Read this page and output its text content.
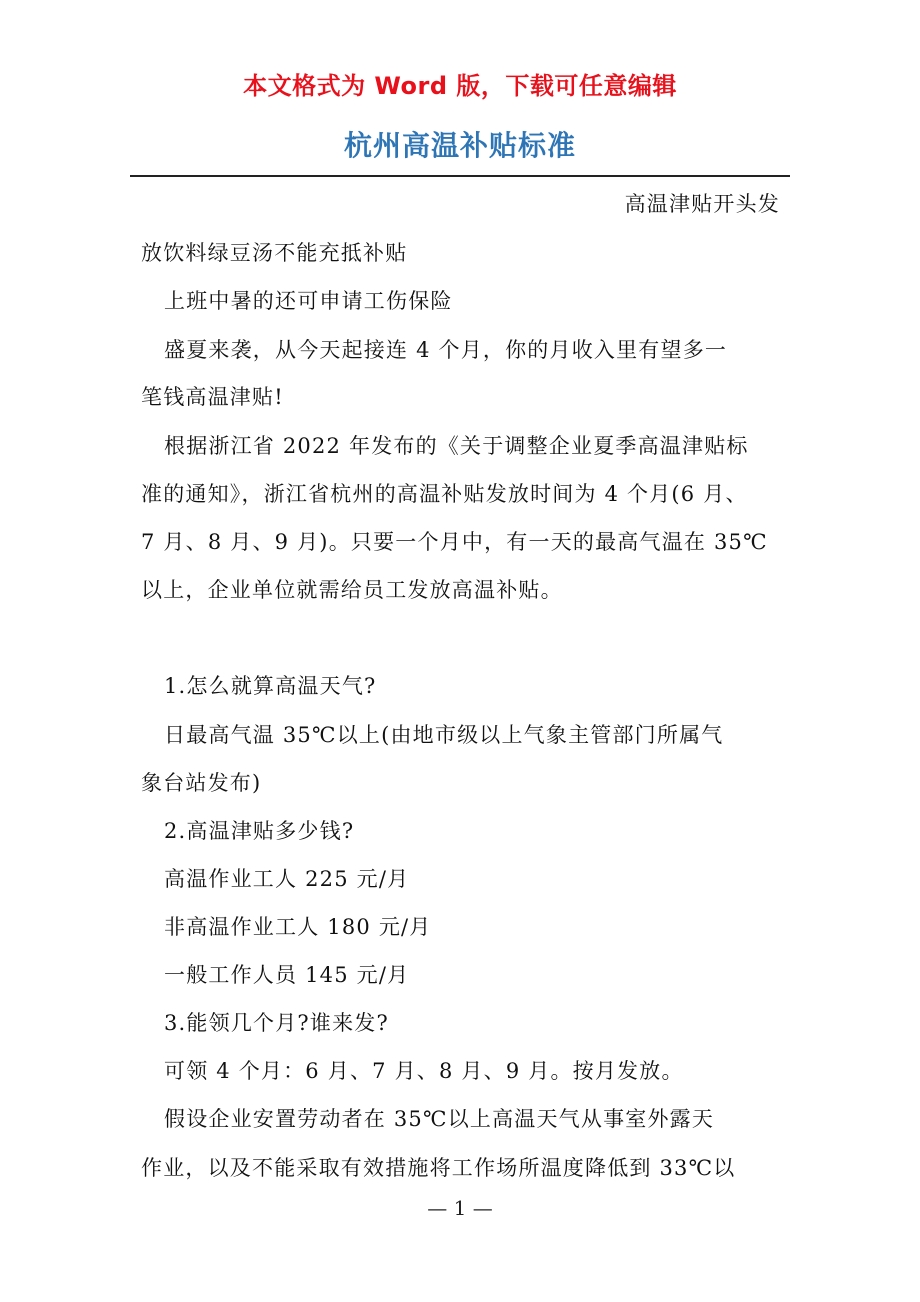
本文格式为 Word 版，下载可任意编辑
杭州高温补贴标准
高温津贴开头发
放饮料绿豆汤不能充抵补贴
上班中暑的还可申请工伤保险
盛夏来袭，从今天起接连 4 个月，你的月收入里有望多一
笔钱高温津贴!
根据浙江省 2022 年发布的《关于调整企业夏季高温津贴标
准的通知》，浙江省杭州的高温补贴发放时间为 4 个月(6 月、
7 月、8 月、9 月)。只要一个月中，有一天的最高气温在 35℃
以上，企业单位就需给员工发放高温补贴。
1.怎么就算高温天气?
日最高气温 35℃以上(由地市级以上气象主管部门所属气
象台站发布)
2.高温津贴多少钱?
高温作业工人 225 元/月
非高温作业工人 180 元/月
一般工作人员 145 元/月
3.能领几个月?谁来发?
可领 4 个月：6 月、7 月、8 月、9 月。按月发放。
假设企业安置劳动者在 35℃以上高温天气从事室外露天
作业，以及不能采取有效措施将工作场所温度降低到 33℃以
— 1 —
